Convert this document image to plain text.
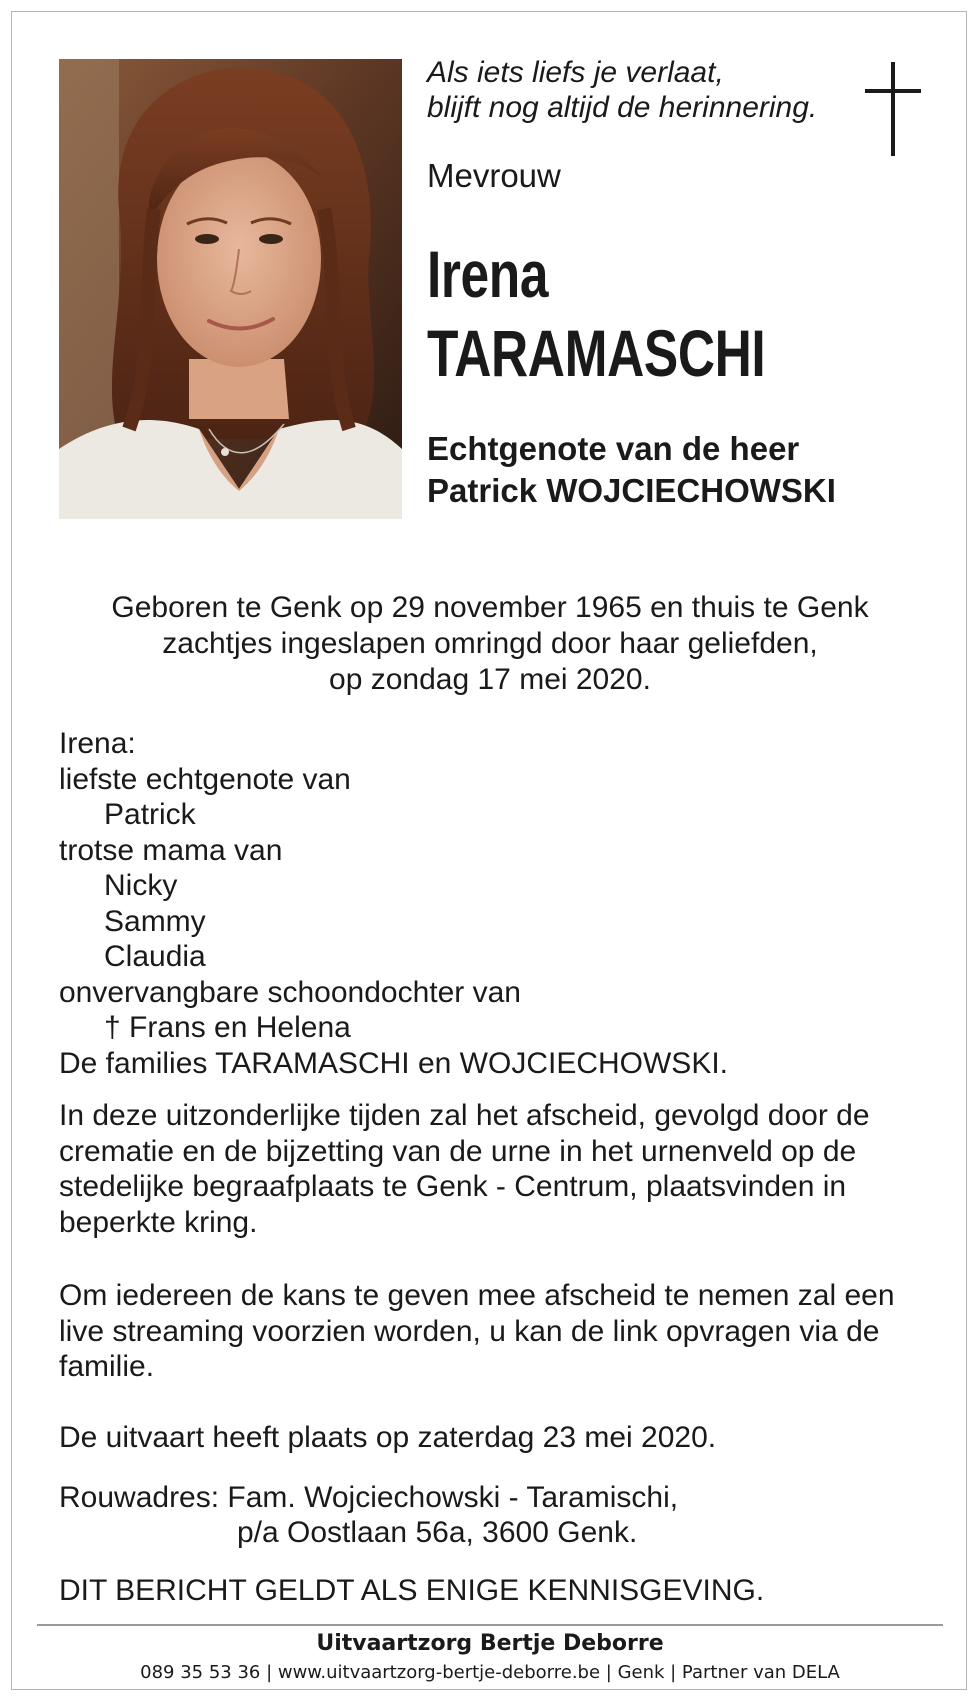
Als iets liefs je verlaat,
blijft nog altijd de herinnering.
Mevrouw
Irena
TARAMASCHI
Echtgenote van de heer
Patrick WOJCIECHOWSKI
Geboren te Genk op 29 november 1965 en thuis te Genk
zachtjes ingeslapen omringd door haar geliefden,
op zondag 17 mei 2020.
Irena:
liefste echtgenote van
Patrick
trotse mama van
Nicky
Sammy
Claudia
onvervangbare schoondochter van
† Frans en Helena
De families TARAMASCHI en WOJCIECHOWSKI.
In deze uitzonderlijke tijden zal het afscheid, gevolgd door de crematie en de bijzetting van de urne in het urnenveld op de stedelijke begraafplaats te Genk - Centrum, plaatsvinden in beperkte kring.
Om iedereen de kans te geven mee afscheid te nemen zal een live streaming voorzien worden, u kan de link opvragen via de familie.
De uitvaart heeft plaats op zaterdag 23 mei 2020.
Rouwadres: Fam. Wojciechowski - Taramischi,
p/a Oostlaan 56a, 3600 Genk.
DIT BERICHT GELDT ALS ENIGE KENNISGEVING.
Uitvaartzorg Bertje Deborre
089 35 53 36 | www.uitvaartzorg-bertje-deborre.be | Genk | Partner van DELA
